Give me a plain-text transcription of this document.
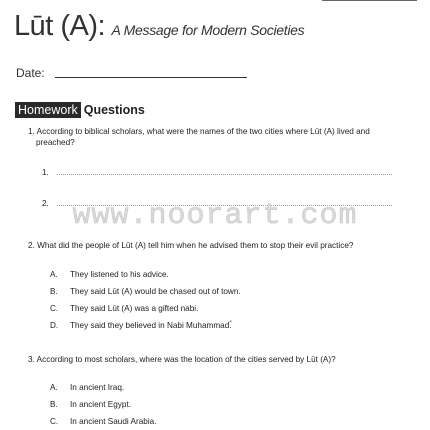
Lūt (A): A Message for Modern Societies
Date:
Homework Questions
1. According to biblical scholars, what were the names of the two cities where Lūt (A) lived and
preached?
1.
2. www.noorart.com
2. What did the people of Lūt (A) tell him when he advised them to stop their evil practice?
A.	They listened to his advice.
B.	They said Lūt (A) would be chased out of town.
C.	They said Lūt (A) was a gifted nabi.
D.	They said they believed in Nabi Muhammadؐ.
3. According to most scholars, where was the location of the cities served by Lūt (A)?
A.	In ancient Iraq.
B.	In ancient Egypt.
C.	In ancient Saudi Arabia.
